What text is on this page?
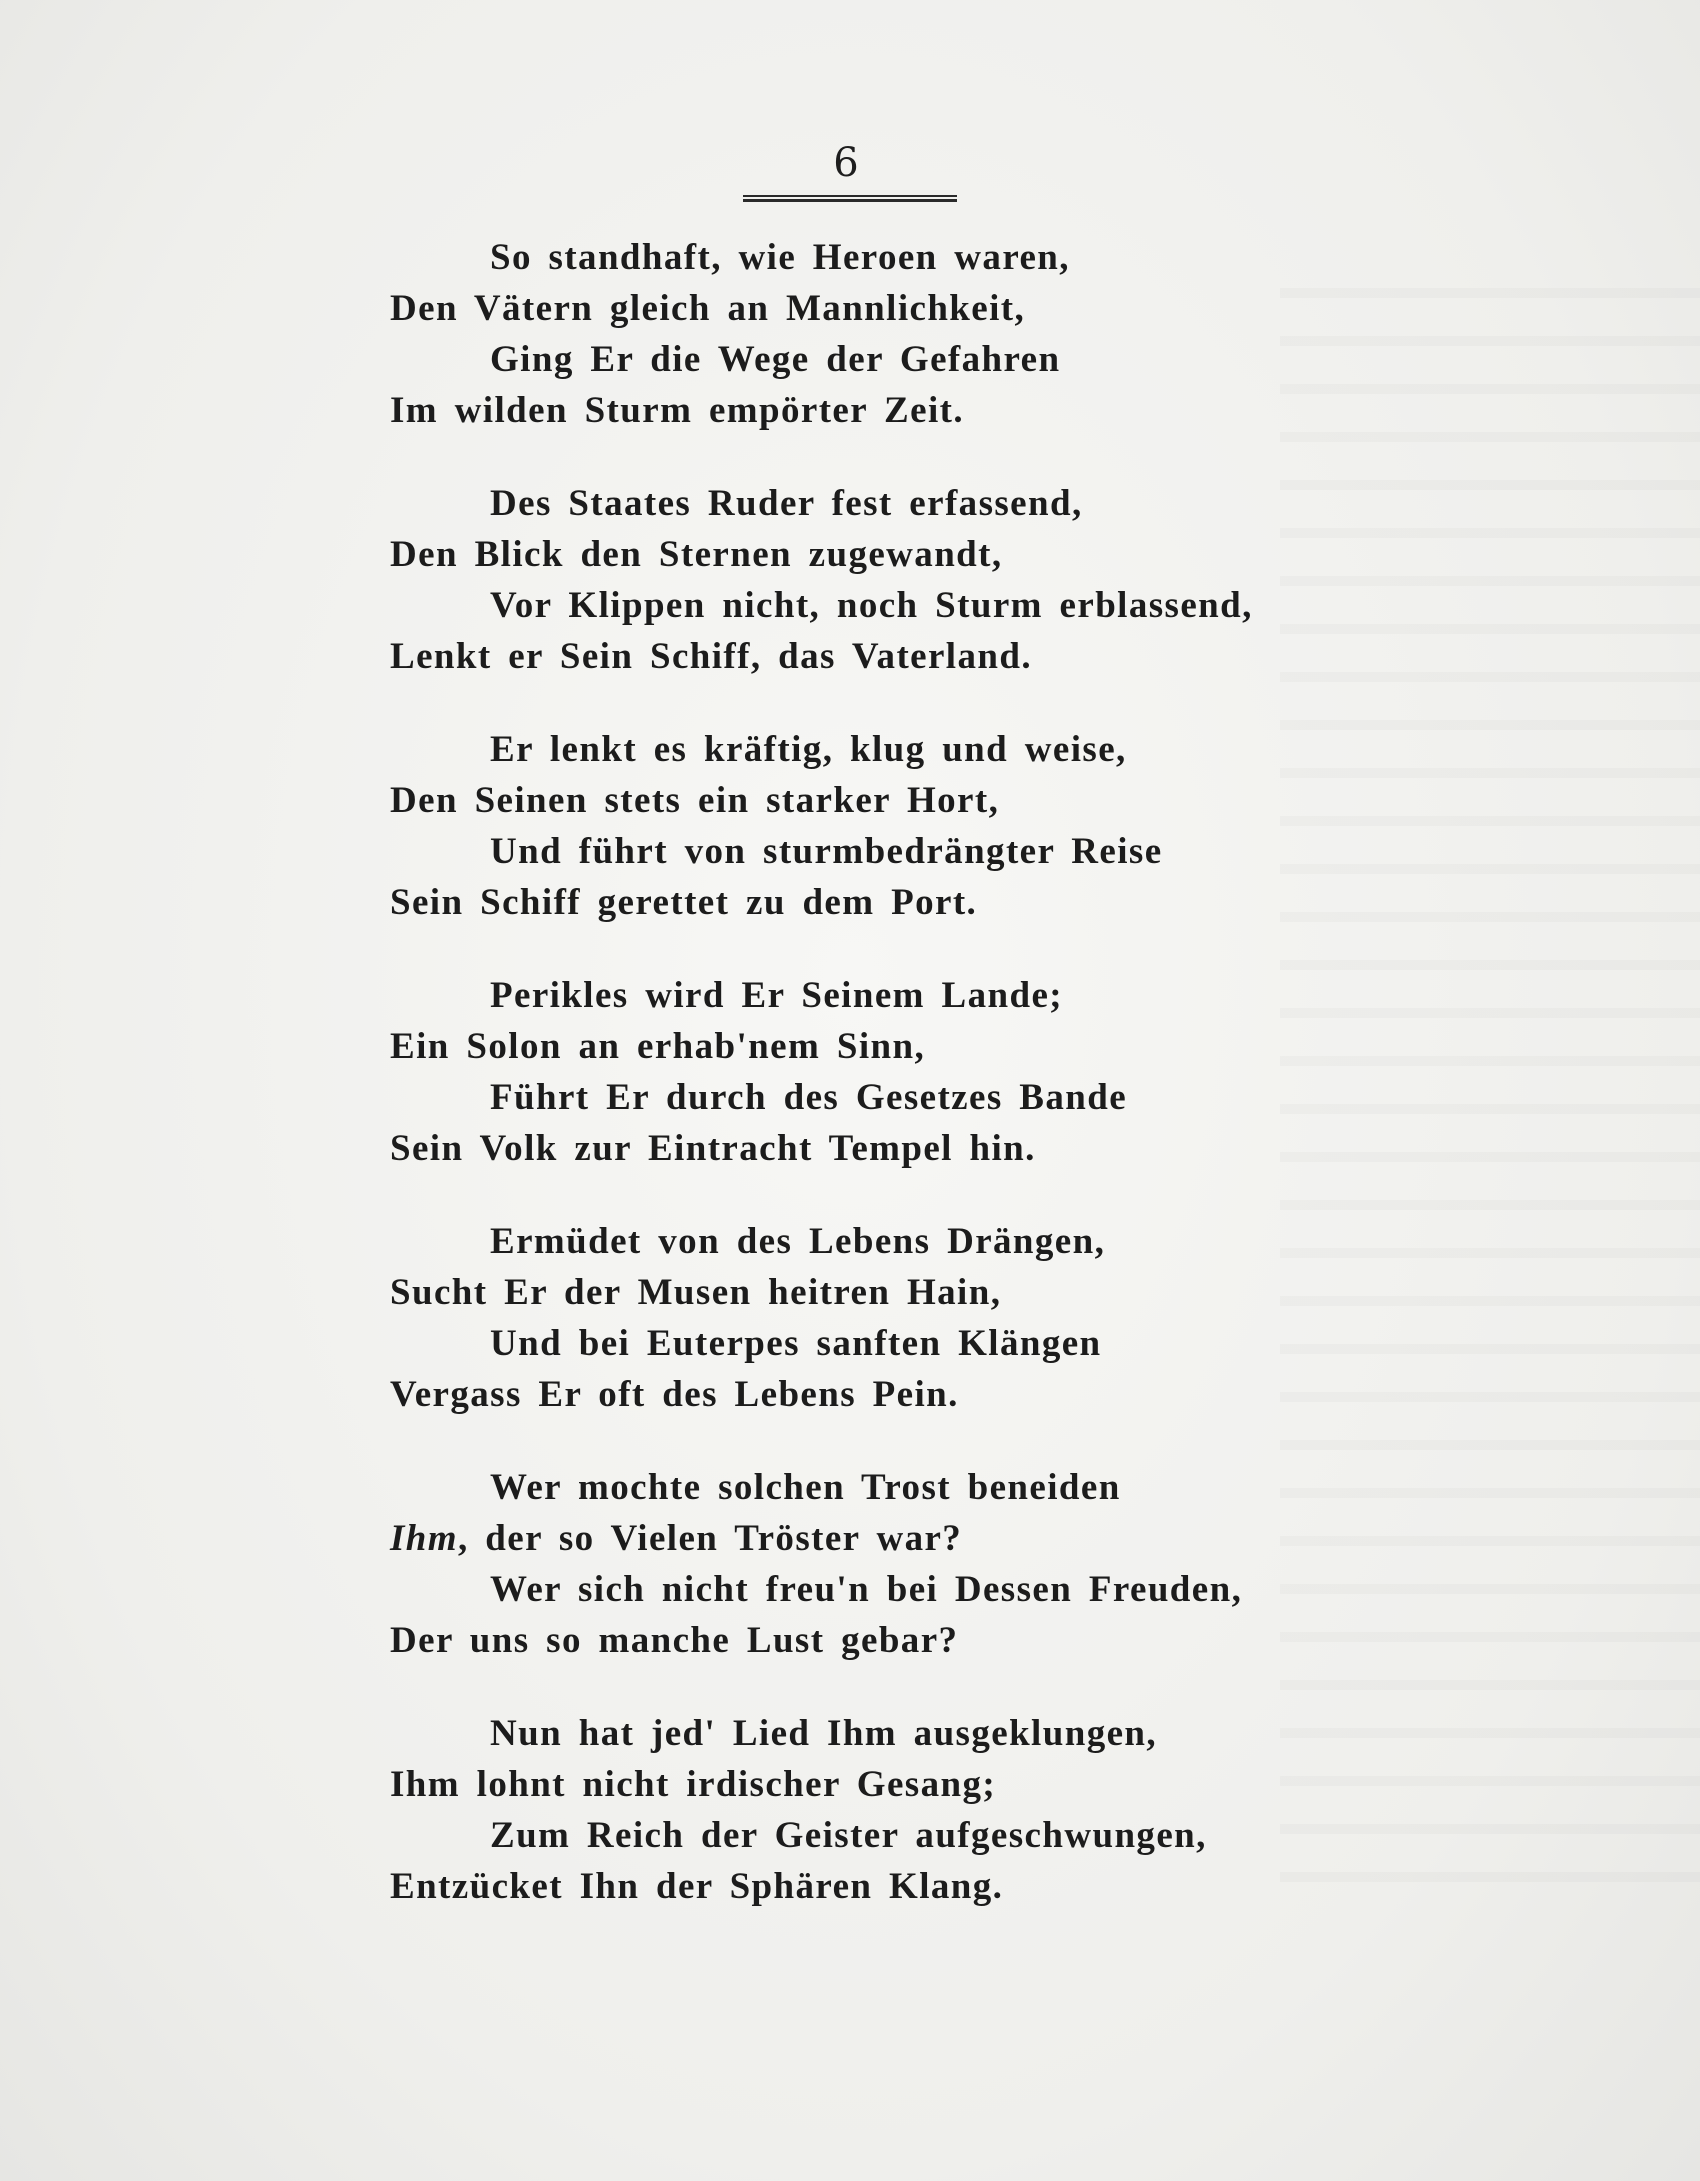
6
So standhaft, wie Heroen waren,
Den Vätern gleich an Mannlichkeit,
Ging Er die Wege der Gefahren
Im wilden Sturm empörter Zeit.
Des Staates Ruder fest erfassend,
Den Blick den Sternen zugewandt,
Vor Klippen nicht, noch Sturm erblassend,
Lenkt er Sein Schiff, das Vaterland.
Er lenkt es kräftig, klug und weise,
Den Seinen stets ein starker Hort,
Und führt von sturmbedrängter Reise
Sein Schiff gerettet zu dem Port.
Perikles wird Er Seinem Lande;
Ein Solon an erhab'nem Sinn,
Führt Er durch des Gesetzes Bande
Sein Volk zur Eintracht Tempel hin.
Ermüdet von des Lebens Drängen,
Sucht Er der Musen heitren Hain,
Und bei Euterpes sanften Klängen
Vergass Er oft des Lebens Pein.
Wer mochte solchen Trost beneiden
Ihm, der so Vielen Tröster war?
Wer sich nicht freu'n bei Dessen Freuden,
Der uns so manche Lust gebar?
Nun hat jed' Lied Ihm ausgeklungen,
Ihm lohnt nicht irdischer Gesang;
Zum Reich der Geister aufgeschwungen,
Entzücket Ihn der Sphären Klang.
